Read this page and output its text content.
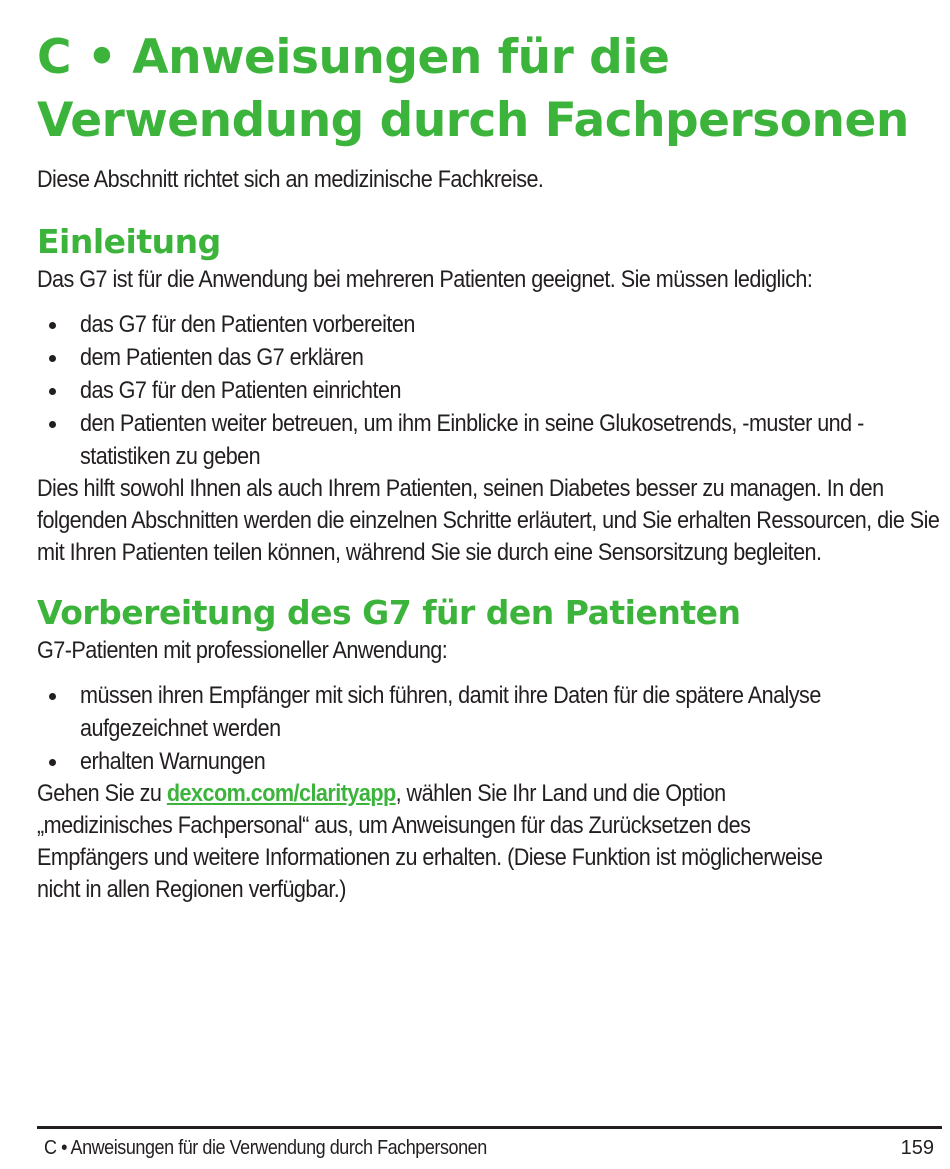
C • Anweisungen für die
Verwendung durch Fachpersonen
Diese Abschnitt richtet sich an medizinische Fachkreise.
Einleitung

Das G7 ist für die Anwendung bei mehreren Patienten geeignet. Sie müssen lediglich:

das G7 für den Patienten vorbereiten
dem Patienten das G7 erklären
das G7 für den Patienten einrichten
den Patienten weiter betreuen, um ihm Einblicke in seine Glukosetrends, -muster und -statistiken zu geben

Dies hilft sowohl Ihnen als auch Ihrem Patienten, seinen Diabetes besser zu managen. In den folgenden Abschnitten werden die einzelnen Schritte erläutert, und Sie erhalten Ressourcen, die Sie mit Ihren Patienten teilen können, während Sie sie durch eine Sensorsitzung begleiten.

Vorbereitung des G7 für den Patienten

G7-Patienten mit professioneller Anwendung:

müssen ihren Empfänger mit sich führen, damit ihre Daten für die spätere Analyse aufgezeichnet werden
erhalten Warnungen

Gehen Sie zu dexcom.com/clarityapp, wählen Sie Ihr Land und die Option „medizinisches Fachpersonal“ aus, um Anweisungen für das Zurücksetzen des Empfängers und weitere Informationen zu erhalten. (Diese Funktion ist möglicherweise nicht in allen Regionen verfügbar.)

C • Anweisungen für die Verwendung durch Fachpersonen	159
